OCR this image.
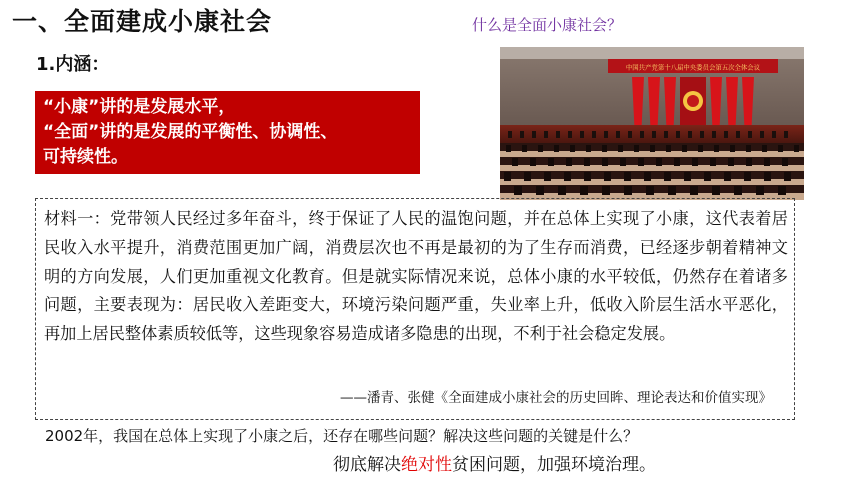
一、全面建成小康社会	什么是全面小康社会？
1.内涵：
“小康”讲的是发展水平，
“全面”讲的是发展的平衡性、协调性、
可持续性。
中国共产党第十八届中央委员会第五次全体会议

材料一：党带领人民经过多年奋斗，终于保证了人民的温饱问题，并在总体上实现了小康，这代表着居民收入水平提升，消费范围更加广阔，消费层次也不再是最初的为了生存而消费，已经逐步朝着精神文明的方向发展，人们更加重视文化教育。但是就实际情况来说，总体小康的水平较低，仍然存在着诸多问题，主要表现为：居民收入差距变大，环境污染问题严重，失业率上升，低收入阶层生活水平恶化，再加上居民整体素质较低等，这些现象容易造成诸多隐患的出现，不利于社会稳定发展。

——潘青、张健《全面建成小康社会的历史回眸、理论表达和价值实现》
2002年，我国在总体上实现了小康之后，还存在哪些问题？解决这些问题的关键是什么？
彻底解决绝对性贫困问题，加强环境治理。
